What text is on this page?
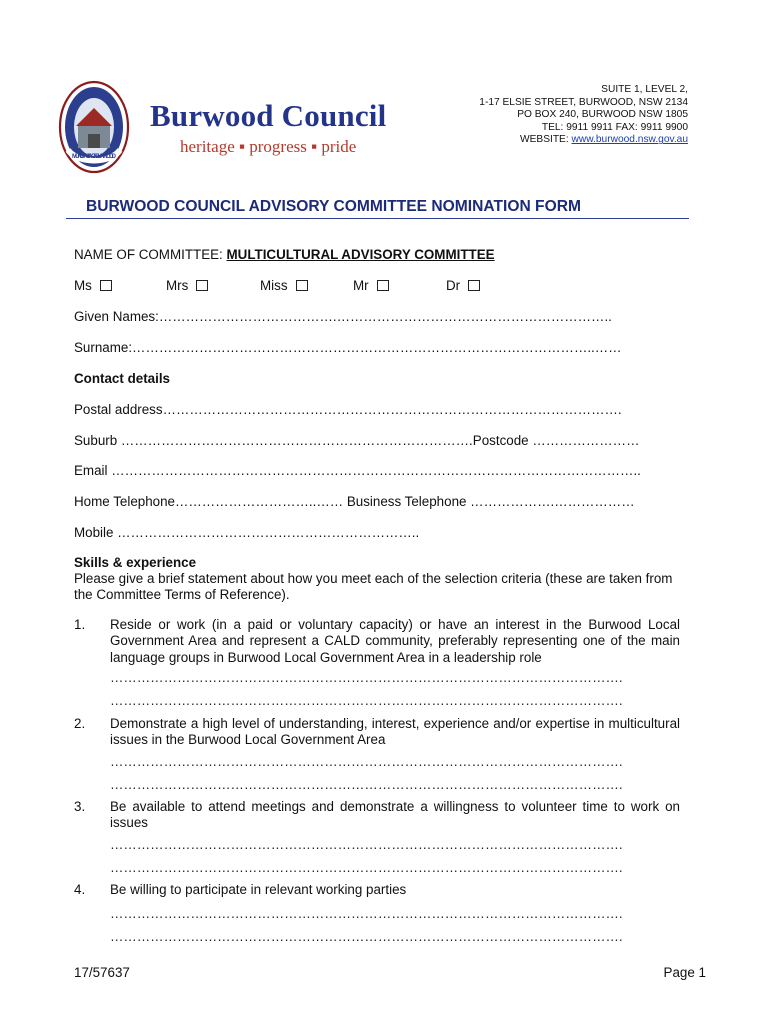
MUNICIPALITY OF BURWOOD
Burwood Council
heritage ▪ progress ▪ pride
SUITE 1, LEVEL 2,
1-17 ELSIE STREET, BURWOOD, NSW 2134
PO BOX 240, BURWOOD NSW 1805
TEL: 9911 9911 FAX: 9911 9900
WEBSITE: www.burwood.nsw.gov.au
BURWOOD COUNCIL ADVISORY COMMITTEE NOMINATION FORM
NAME OF COMMITTEE: MULTICULTURAL ADVISORY COMMITTEE
Ms	Mrs	Miss	Mr	Dr
Given Names:………………………………….……………………………………………………..
Surname:…………………………………………………………………………………………..……
Contact details
Postal address………………………………………………………………………………………….
Suburb …………………………………………………………………….Postcode ……………………
Email ………………………………………………………………………………………………………..
Home Telephone…………………………..…… Business Telephone ……………….………………
Mobile …………………………………………………………..
Skills & experience
Please give a brief statement about how you meet each of the selection criteria (these are taken from the Committee Terms of Reference).
1. Reside or work (in a paid or voluntary capacity) or have an interest in the Burwood Local Government Area and represent a CALD community, preferably representing one of the main language groups in Burwood Local Government Area in a leadership role
…………………………………………………………………………………………………….
…………………………………………………………………………………………………….
2. Demonstrate a high level of understanding, interest, experience and/or expertise in multicultural issues in the Burwood Local Government Area
…………………………………………………………………………………………………….
…………………………………………………………………………………………………….
3. Be available to attend meetings and demonstrate a willingness to volunteer time to work on issues
…………………………………………………………………………………………………….
…………………………………………………………………………………………………….
4. Be willing to participate in relevant working parties
…………………………………………………………………………………………………….
…………………………………………………………………………………………………….
17/57637	Page 1
